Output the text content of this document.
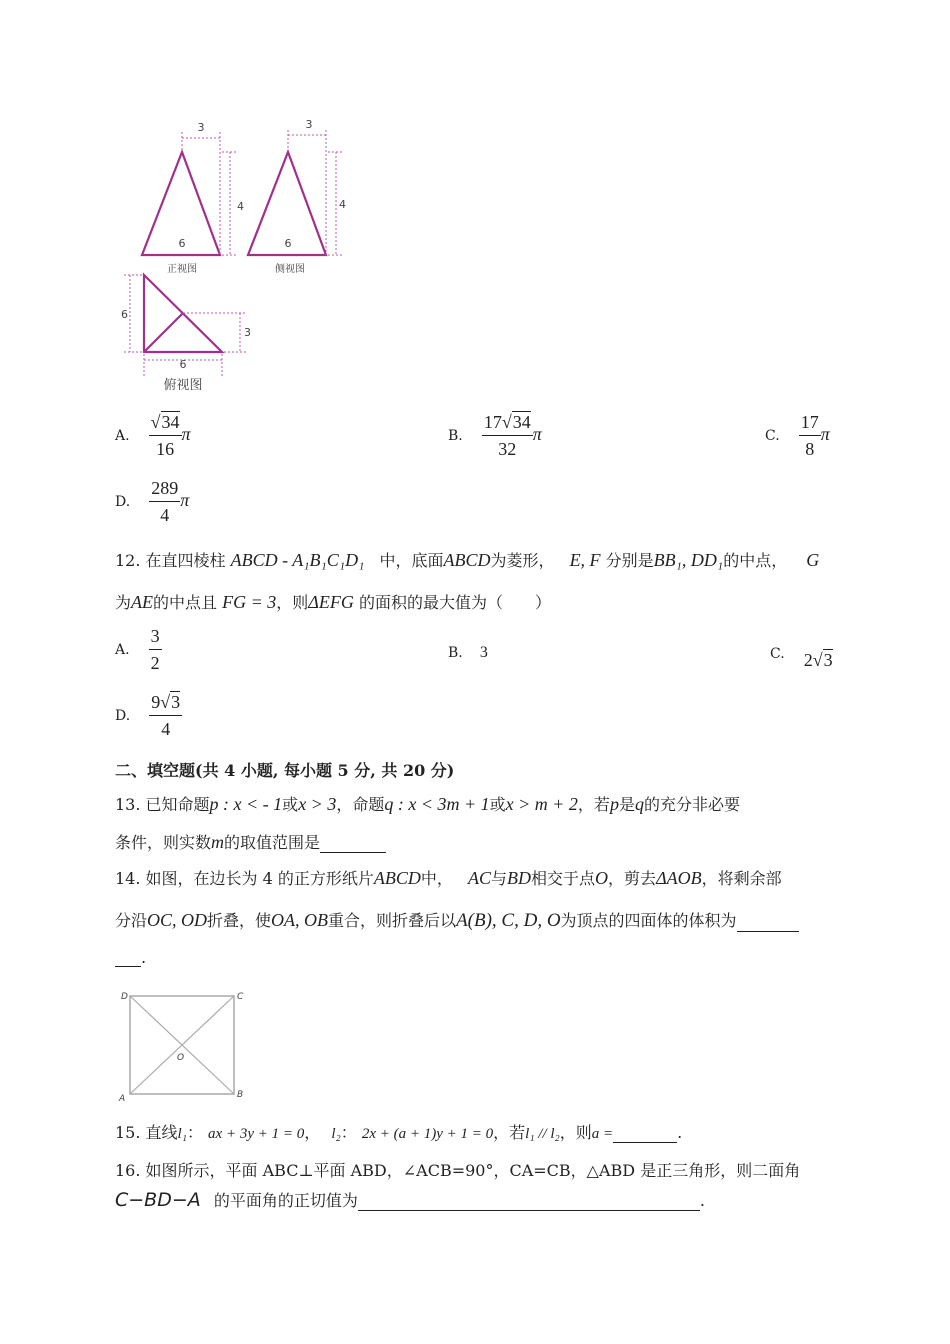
3
4
6
正视图
3
4
6
侧视图
6
3
6
俯视图
A. $\frac{√34}{16}$ π	B. $\frac{17√34}{32}$ π	C. $\frac{17}{8}$ π
D. $\frac{289}{4}$ π
12. 在直四棱柱 ABCD - A₁B₁C₁D₁ 中，底面ABCD为菱形， E, F 分别是BB₁, DD₁的中点， G
为AE的中点且 FG = 3，则ΔEFG 的面积的最大值为（　　）
A. $\frac{3}{2}$	B. 3	C. 2√3
D. $\frac{9√3}{4}$
二、填空题(共 4 小题, 每小题 5 分, 共 20 分)
13. 已知命题p : x < - 1或x > 3，命题q : x < 3m + 1或x > m + 2，若p是q的充分非必要
条件，则实数m的取值范围是
14. 如图，在边长为 4 的正方形纸片ABCD中， AC与BD相交于点O，剪去ΔAOB，将剩余部
分沿OC, OD折叠，使OA, OB重合，则折叠后以A(B), C, D, O为顶点的四面体的体积为
.
D	C
O
A	B
15. 直线l₁： ax + 3y + 1 = 0， l₂： 2x + (a + 1)y + 1 = 0，若l₁ // l₂，则a =	.
16. 如图所示，平面 ABC⊥平面 ABD，∠ACB=90°，CA=CB，△ABD 是正三角形，则二面角
C−BD−A 的平面角的正切值为	.
